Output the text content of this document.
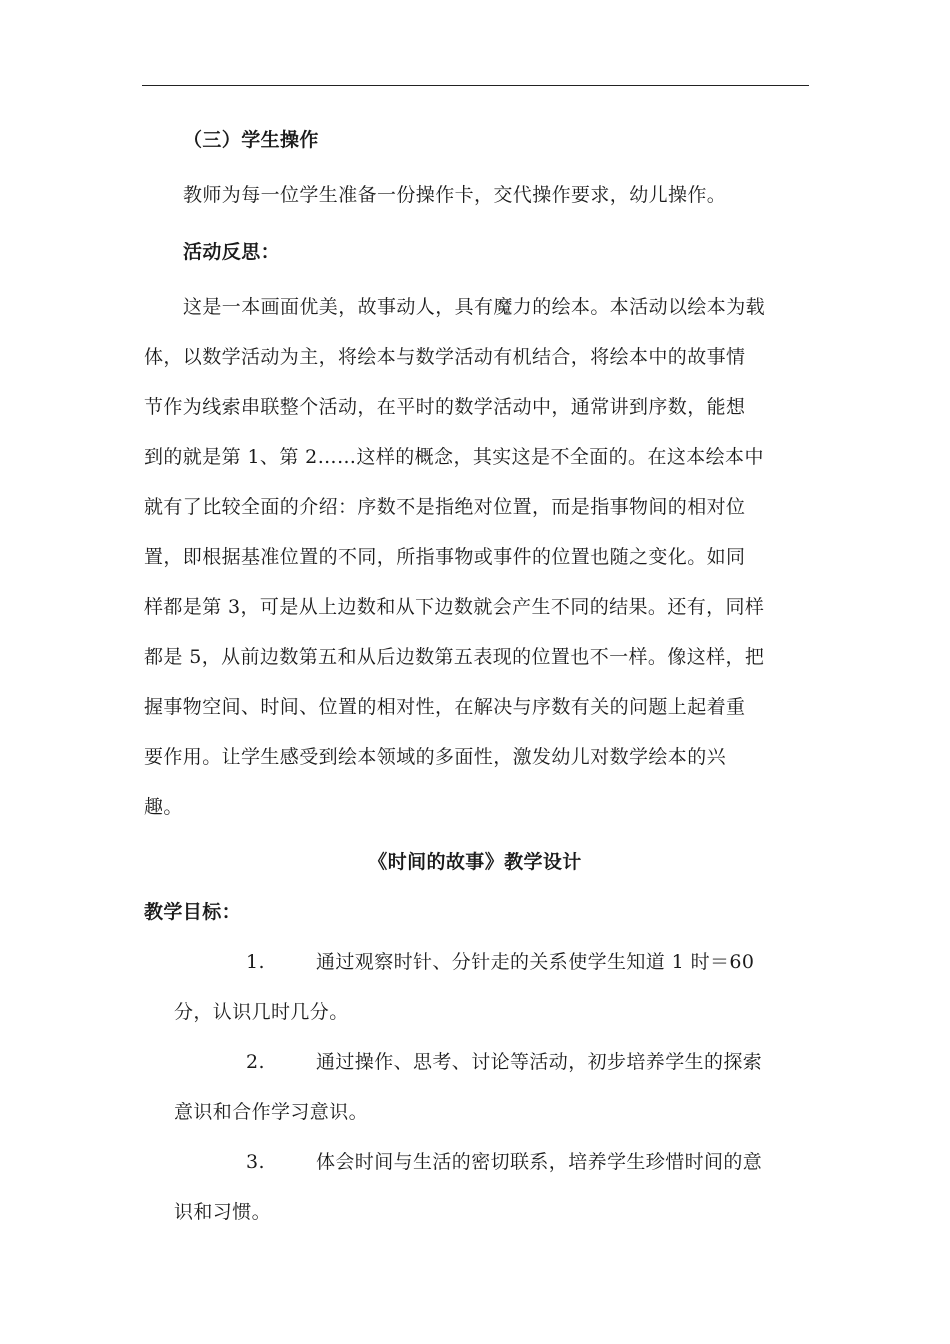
（三）学生操作
教师为每一位学生准备一份操作卡，交代操作要求，幼儿操作。
活动反思：
这是一本画面优美，故事动人，具有魔力的绘本。本活动以绘本为载
体，以数学活动为主，将绘本与数学活动有机结合，将绘本中的故事情
节作为线索串联整个活动，在平时的数学活动中，通常讲到序数，能想
到的就是第 1、第 2……这样的概念，其实这是不全面的。在这本绘本中
就有了比较全面的介绍：序数不是指绝对位置，而是指事物间的相对位
置，即根据基准位置的不同，所指事物或事件的位置也随之变化。如同
样都是第 3，可是从上边数和从下边数就会产生不同的结果。还有，同样
都是 5，从前边数第五和从后边数第五表现的位置也不一样。像这样，把
握事物空间、时间、位置的相对性，在解决与序数有关的问题上起着重
要作用。让学生感受到绘本领域的多面性，激发幼儿对数学绘本的兴
趣。
《时间的故事》教学设计
教学目标：
1.	通过观察时针、分针走的关系使学生知道 1 时＝60
分，认识几时几分。
2.	通过操作、思考、讨论等活动，初步培养学生的探索
意识和合作学习意识。
3.	体会时间与生活的密切联系，培养学生珍惜时间的意
识和习惯。
